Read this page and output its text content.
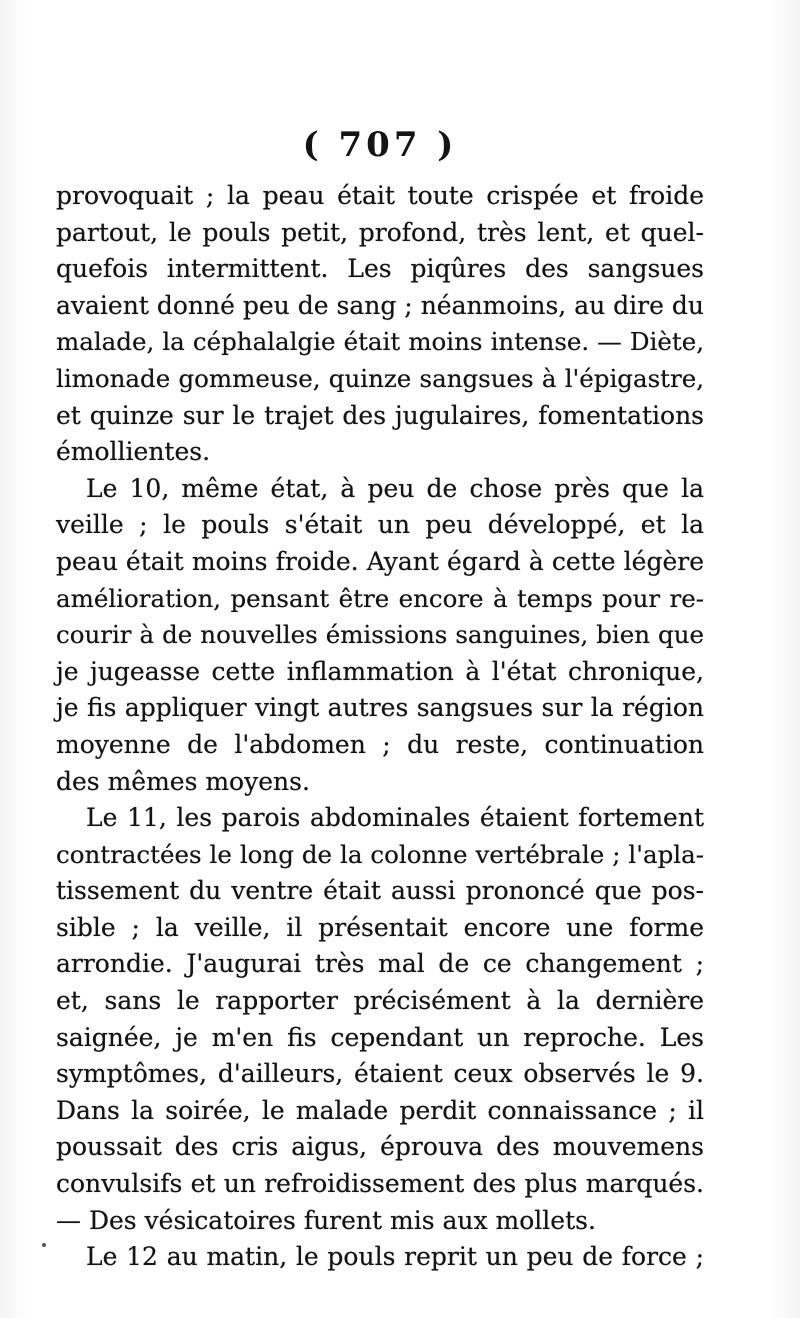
( 707 )
provoquait ; la peau était toute crispée et froide
partout, le pouls petit, profond, très lent, et quel-
quefois intermittent. Les piqûres des sangsues
avaient donné peu de sang ; néanmoins, au dire du
malade, la céphalalgie était moins intense. — Diète,
limonade gommeuse, quinze sangsues à l'épigastre,
et quinze sur le trajet des jugulaires, fomentations
émollientes.
Le 10, même état, à peu de chose près que la
veille ; le pouls s'était un peu développé, et la
peau était moins froide. Ayant égard à cette légère
amélioration, pensant être encore à temps pour re-
courir à de nouvelles émissions sanguines, bien que
je jugeasse cette inflammation à l'état chronique,
je fis appliquer vingt autres sangsues sur la région
moyenne de l'abdomen ; du reste, continuation
des mêmes moyens.
Le 11, les parois abdominales étaient fortement
contractées le long de la colonne vertébrale ; l'apla-
tissement du ventre était aussi prononcé que pos-
sible ; la veille, il présentait encore une forme
arrondie. J'augurai très mal de ce changement ;
et, sans le rapporter précisément à la dernière
saignée, je m'en fis cependant un reproche. Les
symptômes, d'ailleurs, étaient ceux observés le 9.
Dans la soirée, le malade perdit connaissance ; il
poussait des cris aigus, éprouva des mouvemens
convulsifs et un refroidissement des plus marqués.
— Des vésicatoires furent mis aux mollets.
Le 12 au matin, le pouls reprit un peu de force ;
